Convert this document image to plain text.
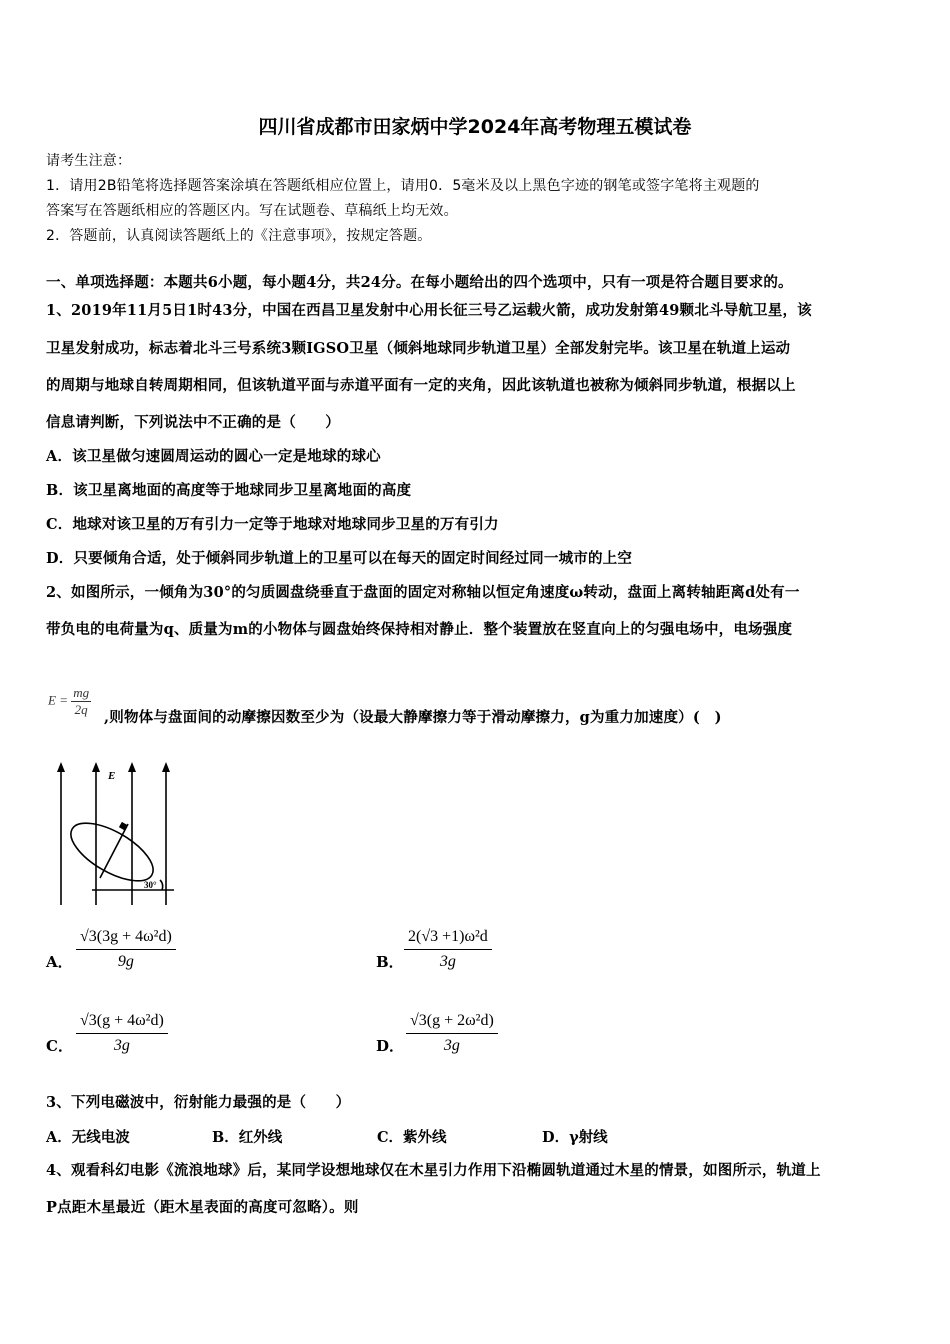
四川省成都市田家炳中学2024年高考物理五模试卷
请考生注意：
1．请用2B铅笔将选择题答案涂填在答题纸相应位置上，请用0．5毫米及以上黑色字迹的钢笔或签字笔将主观题的
答案写在答题纸相应的答题区内。写在试题卷、草稿纸上均无效。
2．答题前，认真阅读答题纸上的《注意事项》，按规定答题。
一、单项选择题：本题共6小题，每小题4分，共24分。在每小题给出的四个选项中，只有一项是符合题目要求的。
1、2019年11月5日1时43分，中国在西昌卫星发射中心用长征三号乙运载火箭，成功发射第49颗北斗导航卫星，该
卫星发射成功，标志着北斗三号系统3颗IGSO卫星（倾斜地球同步轨道卫星）全部发射完毕。该卫星在轨道上运动
的周期与地球自转周期相同，但该轨道平面与赤道平面有一定的夹角，因此该轨道也被称为倾斜同步轨道，根据以上
信息请判断，下列说法中不正确的是（　　）
A．该卫星做匀速圆周运动的圆心一定是地球的球心
B．该卫星离地面的高度等于地球同步卫星离地面的高度
C．地球对该卫星的万有引力一定等于地球对地球同步卫星的万有引力
D．只要倾角合适，处于倾斜同步轨道上的卫星可以在每天的固定时间经过同一城市的上空
2、如图所示，一倾角为30°的匀质圆盘绕垂直于盘面的固定对称轴以恒定角速度ω转动，盘面上离转轴距离d处有一
带负电的电荷量为q、质量为m的小物体与圆盘始终保持相对静止．整个装置放在竖直向上的匀强电场中，电场强度
$E = \frac{mg}{2q}$ ,则物体与盘面间的动摩擦因数至少为（设最大静摩擦力等于滑动摩擦力，g为重力加速度）(　)
E
30°
A． $\frac{\text{√3(3g + 4ω²d)}}{9g}$	B． $\frac{\text{2(√3 +1)ω²d}}{3g}$
C． $\frac{\text{√3(g + 4ω²d)}}{3g}$	D． $\frac{\text{√3(g + 2ω²d)}}{3g}$
3、下列电磁波中，衍射能力最强的是（　　）
A．无线电波	B．红外线	C．紫外线	D．γ射线
4、观看科幻电影《流浪地球》后，某同学设想地球仅在木星引力作用下沿椭圆轨道通过木星的情景，如图所示，轨道上
P点距木星最近（距木星表面的高度可忽略）。则
